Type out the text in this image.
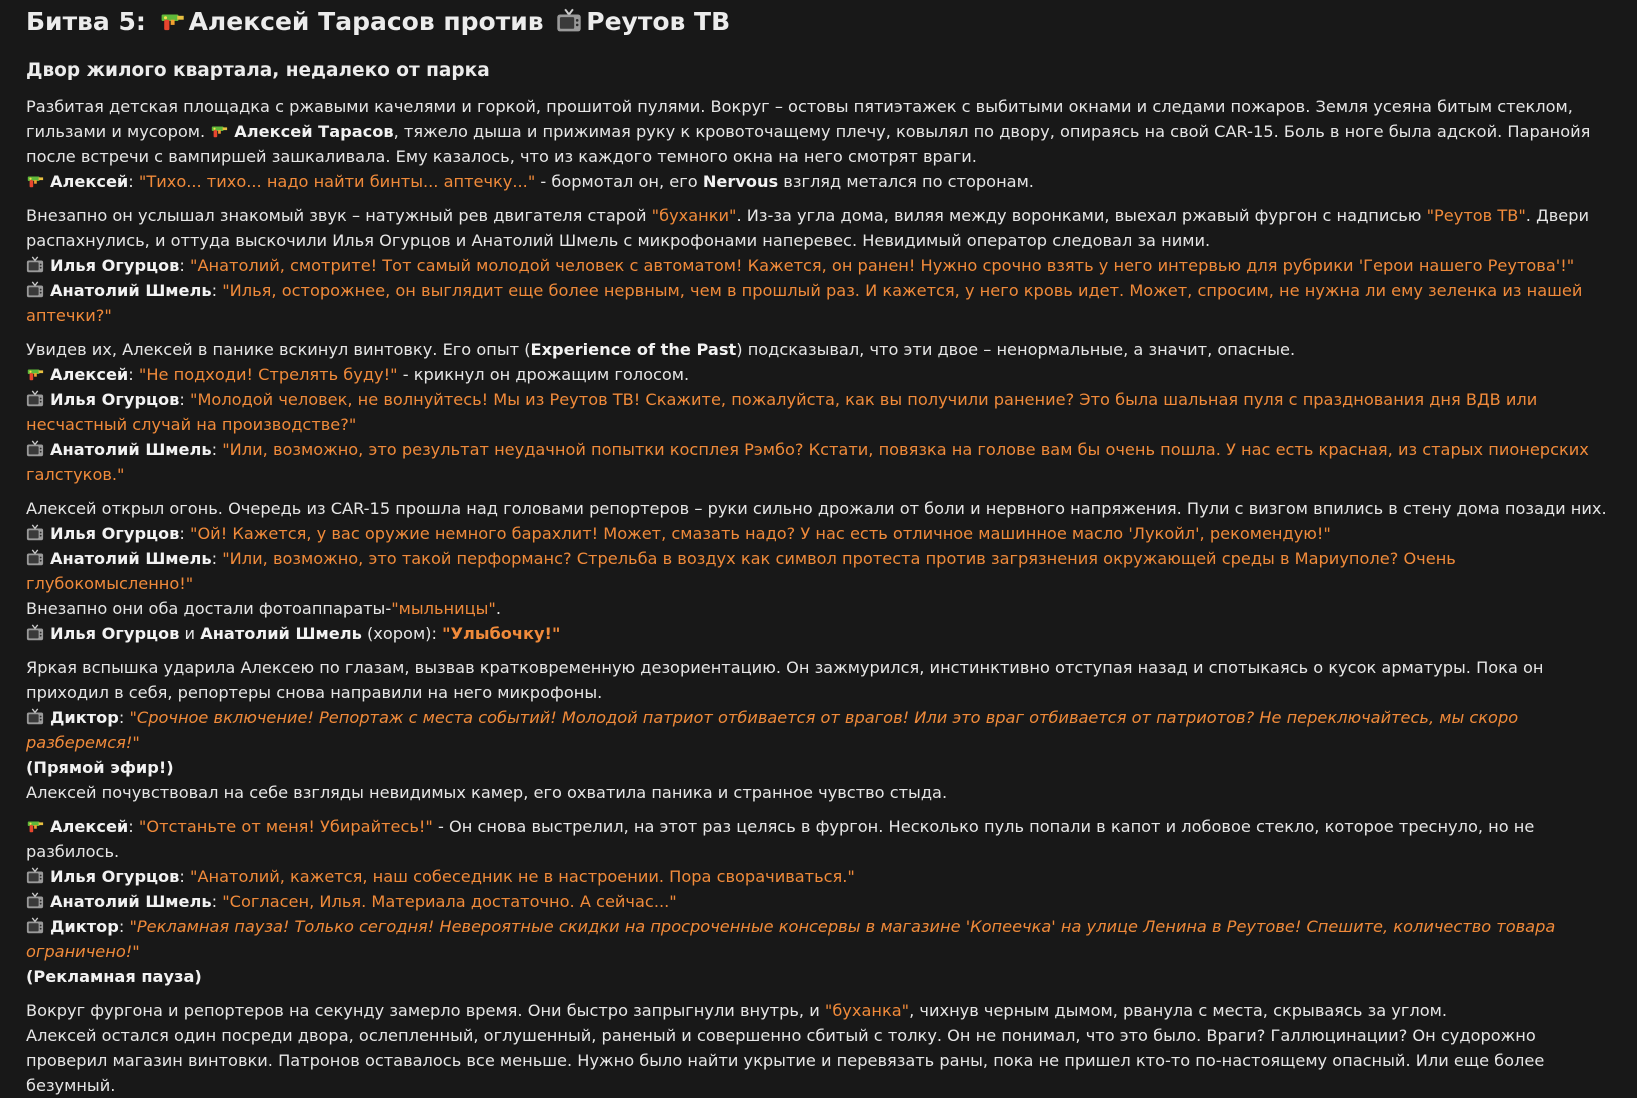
Битва 5: Алексей Тарасов против Реутов ТВ
Двор жилого квартала, недалеко от парка
Разбитая детская площадка с ржавыми качелями и горкой, прошитой пулями. Вокруг – остовы пятиэтажек с выбитыми окнами и следами пожаров. Земля усеяна битым стеклом, гильзами и мусором. Алексей Тарасов, тяжело дыша и прижимая руку к кровоточащему плечу, ковылял по двору, опираясь на свой CAR-15. Боль в ноге была адской. Паранойя после встречи с вампиршей зашкаливала. Ему казалось, что из каждого темного окна на него смотрят враги.
Алексей: "Тихо... тихо... надо найти бинты... аптечку..." - бормотал он, его Nervous взгляд метался по сторонам.
Внезапно он услышал знакомый звук – натужный рев двигателя старой "буханки". Из-за угла дома, виляя между воронками, выехал ржавый фургон с надписью "Реутов ТВ". Двери распахнулись, и оттуда выскочили Илья Огурцов и Анатолий Шмель с микрофонами наперевес. Невидимый оператор следовал за ними.
Илья Огурцов: "Анатолий, смотрите! Тот самый молодой человек с автоматом! Кажется, он ранен! Нужно срочно взять у него интервью для рубрики 'Герои нашего Реутова'!"
Анатолий Шмель: "Илья, осторожнее, он выглядит еще более нервным, чем в прошлый раз. И кажется, у него кровь идет. Может, спросим, не нужна ли ему зеленка из нашей аптечки?"
Увидев их, Алексей в панике вскинул винтовку. Его опыт (Experience of the Past) подсказывал, что эти двое – ненормальные, а значит, опасные.
Алексей: "Не подходи! Стрелять буду!" - крикнул он дрожащим голосом.
Илья Огурцов: "Молодой человек, не волнуйтесь! Мы из Реутов ТВ! Скажите, пожалуйста, как вы получили ранение? Это была шальная пуля с празднования дня ВДВ или несчастный случай на производстве?"
Анатолий Шмель: "Или, возможно, это результат неудачной попытки косплея Рэмбо? Кстати, повязка на голове вам бы очень пошла. У нас есть красная, из старых пионерских галстуков."
Алексей открыл огонь. Очередь из CAR-15 прошла над головами репортеров – руки сильно дрожали от боли и нервного напряжения. Пули с визгом впились в стену дома позади них.
Илья Огурцов: "Ой! Кажется, у вас оружие немного барахлит! Может, смазать надо? У нас есть отличное машинное масло 'Лукойл', рекомендую!"
Анатолий Шмель: "Или, возможно, это такой перформанс? Стрельба в воздух как символ протеста против загрязнения окружающей среды в Мариуполе? Очень глубокомысленно!"
Внезапно они оба достали фотоаппараты-"мыльницы".
Илья Огурцов и Анатолий Шмель (хором): "Улыбочку!"
Яркая вспышка ударила Алексею по глазам, вызвав кратковременную дезориентацию. Он зажмурился, инстинктивно отступая назад и спотыкаясь о кусок арматуры. Пока он приходил в себя, репортеры снова направили на него микрофоны.
Диктор: "Срочное включение! Репортаж с места событий! Молодой патриот отбивается от врагов! Или это враг отбивается от патриотов? Не переключайтесь, мы скоро разберемся!"
(Прямой эфир!)
Алексей почувствовал на себе взгляды невидимых камер, его охватила паника и странное чувство стыда.
Алексей: "Отстаньте от меня! Убирайтесь!" - Он снова выстрелил, на этот раз целясь в фургон. Несколько пуль попали в капот и лобовое стекло, которое треснуло, но не разбилось.
Илья Огурцов: "Анатолий, кажется, наш собеседник не в настроении. Пора сворачиваться."
Анатолий Шмель: "Согласен, Илья. Материала достаточно. А сейчас..."
Диктор: "Рекламная пауза! Только сегодня! Невероятные скидки на просроченные консервы в магазине 'Копеечка' на улице Ленина в Реутове! Спешите, количество товара ограничено!"
(Рекламная пауза)
Вокруг фургона и репортеров на секунду замерло время. Они быстро запрыгнули внутрь, и "буханка", чихнув черным дымом, рванула с места, скрываясь за углом.
Алексей остался один посреди двора, ослепленный, оглушенный, раненый и совершенно сбитый с толку. Он не понимал, что это было. Враги? Галлюцинации? Он судорожно проверил магазин винтовки. Патронов оставалось все меньше. Нужно было найти укрытие и перевязать раны, пока не пришел кто-то по-настоящему опасный. Или еще более безумный.
